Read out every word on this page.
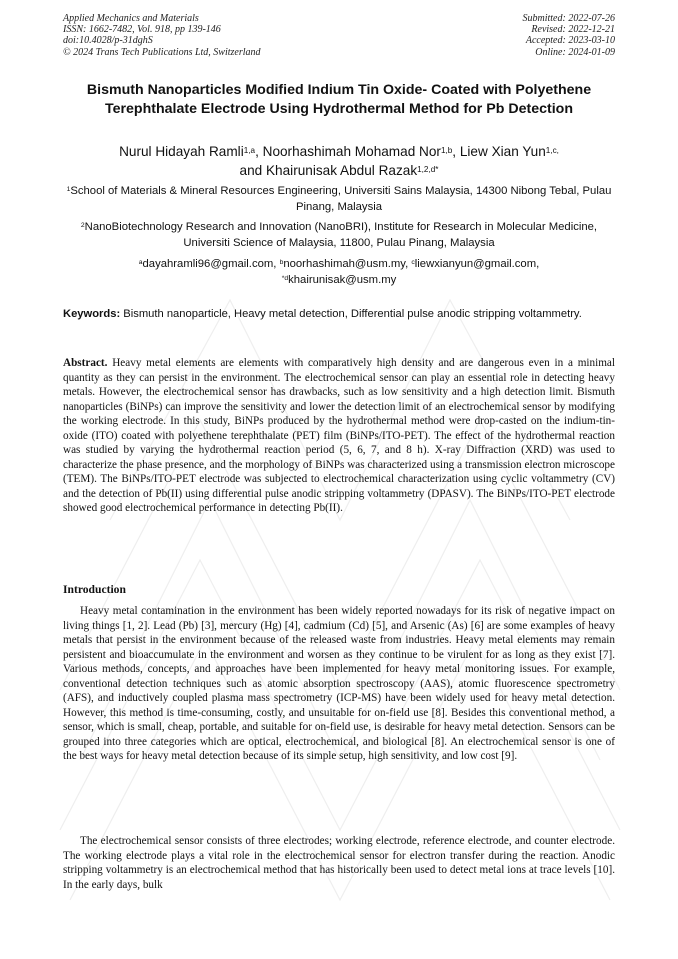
Applied Mechanics and Materials
ISSN: 1662-7482, Vol. 918, pp 139-146
doi:10.4028/p-31dghS
© 2024 Trans Tech Publications Ltd, Switzerland
Submitted: 2022-07-26
Revised: 2022-12-21
Accepted: 2023-03-10
Online: 2024-01-09
Bismuth Nanoparticles Modified Indium Tin Oxide- Coated with Polyethene Terephthalate Electrode Using Hydrothermal Method for Pb Detection
Nurul Hidayah Ramli$^{1,a}$, Noorhashimah Mohamad Nor$^{1,b}$, Liew Xian Yun$^{1,c,}$
and Khairunisak Abdul Razak$^{1,2,d*}$
$^1$School of Materials & Mineral Resources Engineering, Universiti Sains Malaysia, 14300 Nibong Tebal, Pulau Pinang, Malaysia
$^2$NanoBiotechnology Research and Innovation (NanoBRI), Institute for Research in Molecular Medicine, Universiti Science of Malaysia, 11800, Pulau Pinang, Malaysia
$^a$dayahramli96@gmail.com, $^b$noorhashimah@usm.my, $^c$liewxianyun@gmail.com,
$^{*d}$khairunisak@usm.my
Keywords: Bismuth nanoparticle, Heavy metal detection, Differential pulse anodic stripping voltammetry.
Abstract. Heavy metal elements are elements with comparatively high density and are dangerous even in a minimal quantity as they can persist in the environment. The electrochemical sensor can play an essential role in detecting heavy metals. However, the electrochemical sensor has drawbacks, such as low sensitivity and a high detection limit. Bismuth nanoparticles (BiNPs) can improve the sensitivity and lower the detection limit of an electrochemical sensor by modifying the working electrode. In this study, BiNPs produced by the hydrothermal method were drop-casted on the indium-tin-oxide (ITO) coated with polyethene terephthalate (PET) film (BiNPs/ITO-PET). The effect of the hydrothermal reaction was studied by varying the hydrothermal reaction period (5, 6, 7, and 8 h). X-ray Diffraction (XRD) was used to characterize the phase presence, and the morphology of BiNPs was characterized using a transmission electron microscope (TEM). The BiNPs/ITO-PET electrode was subjected to electrochemical characterization using cyclic voltammetry (CV) and the detection of Pb(II) using differential pulse anodic stripping voltammetry (DPASV). The BiNPs/ITO-PET electrode showed good electrochemical performance in detecting Pb(II).
Introduction
Heavy metal contamination in the environment has been widely reported nowadays for its risk of negative impact on living things [1, 2]. Lead (Pb) [3], mercury (Hg) [4], cadmium (Cd) [5], and Arsenic (As) [6] are some examples of heavy metals that persist in the environment because of the released waste from industries. Heavy metal elements may remain persistent and bioaccumulate in the environment and worsen as they continue to be virulent for as long as they exist [7]. Various methods, concepts, and approaches have been implemented for heavy metal monitoring issues. For example, conventional detection techniques such as atomic absorption spectroscopy (AAS), atomic fluorescence spectrometry (AFS), and inductively coupled plasma mass spectrometry (ICP-MS) have been widely used for heavy metal detection. However, this method is time-consuming, costly, and unsuitable for on-field use [8]. Besides this conventional method, a sensor, which is small, cheap, portable, and suitable for on-field use, is desirable for heavy metal detection. Sensors can be grouped into three categories which are optical, electrochemical, and biological [8]. An electrochemical sensor is one of the best ways for heavy metal detection because of its simple setup, high sensitivity, and low cost [9].
The electrochemical sensor consists of three electrodes; working electrode, reference electrode, and counter electrode. The working electrode plays a vital role in the electrochemical sensor for electron transfer during the reaction. Anodic stripping voltammetry is an electrochemical method that has historically been used to detect metal ions at trace levels [10]. In the early days, bulk
